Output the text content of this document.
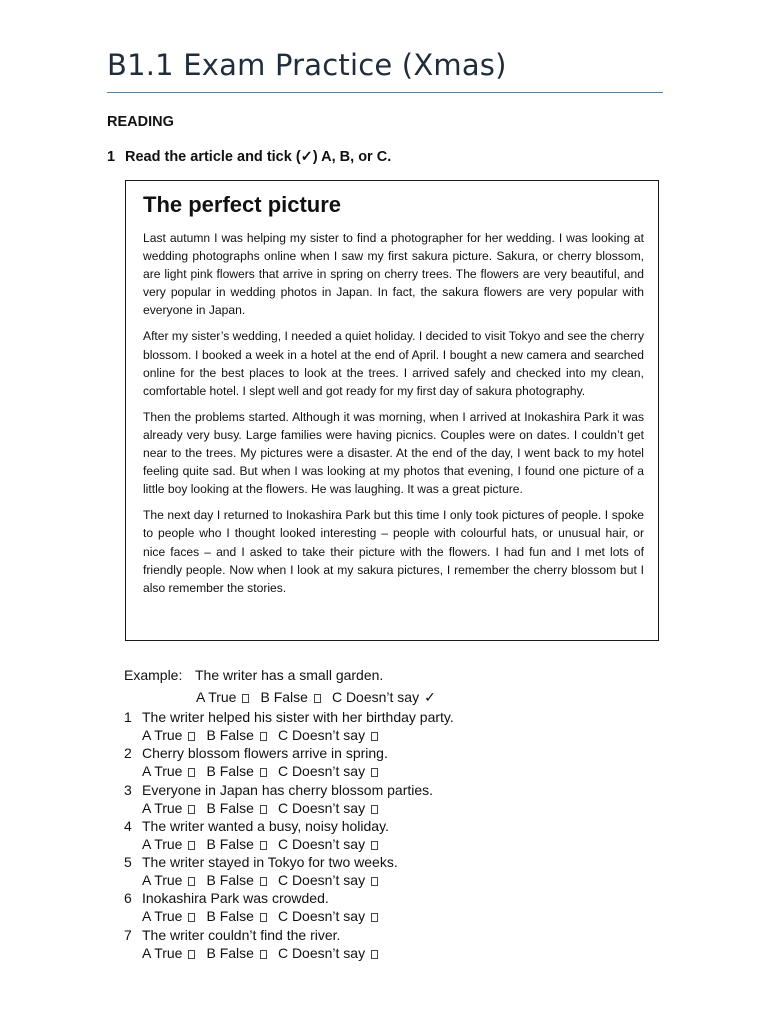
B1.1 Exam Practice (Xmas)
READING
1 Read the article and tick (✓) A, B, or C.
The perfect picture

Last autumn I was helping my sister to find a photographer for her wedding. I was looking at wedding photographs online when I saw my first sakura picture. Sakura, or cherry blossom, are light pink flowers that arrive in spring on cherry trees. The flowers are very beautiful, and very popular in wedding photos in Japan. In fact, the sakura flowers are very popular with everyone in Japan.

After my sister’s wedding, I needed a quiet holiday. I decided to visit Tokyo and see the cherry blossom. I booked a week in a hotel at the end of April. I bought a new camera and searched online for the best places to look at the trees. I arrived safely and checked into my clean, comfortable hotel. I slept well and got ready for my first day of sakura photography.

Then the problems started. Although it was morning, when I arrived at Inokashira Park it was already very busy. Large families were having picnics. Couples were on dates. I couldn’t get near to the trees. My pictures were a disaster. At the end of the day, I went back to my hotel feeling quite sad. But when I was looking at my photos that evening, I found one picture of a little boy looking at the flowers. He was laughing. It was a great picture.

The next day I returned to Inokashira Park but this time I only took pictures of people. I spoke to people who I thought looked interesting – people with colourful hats, or unusual hair, or nice faces – and I asked to take their picture with the flowers. I had fun and I met lots of friendly people. Now when I look at my sakura pictures, I remember the cherry blossom but I also remember the stories.

Example: The writer has a small garden.
A True B False C Doesn’t say ✓
1 The writer helped his sister with her birthday party.
A True B False C Doesn’t say
2 Cherry blossom flowers arrive in spring.
A True B False C Doesn’t say
3 Everyone in Japan has cherry blossom parties.
A True B False C Doesn’t say
4 The writer wanted a busy, noisy holiday.
A True B False C Doesn’t say
5 The writer stayed in Tokyo for two weeks.
A True B False C Doesn’t say
6 Inokashira Park was crowded.
A True B False C Doesn’t say
7 The writer couldn’t find the river.
A True B False C Doesn’t say
